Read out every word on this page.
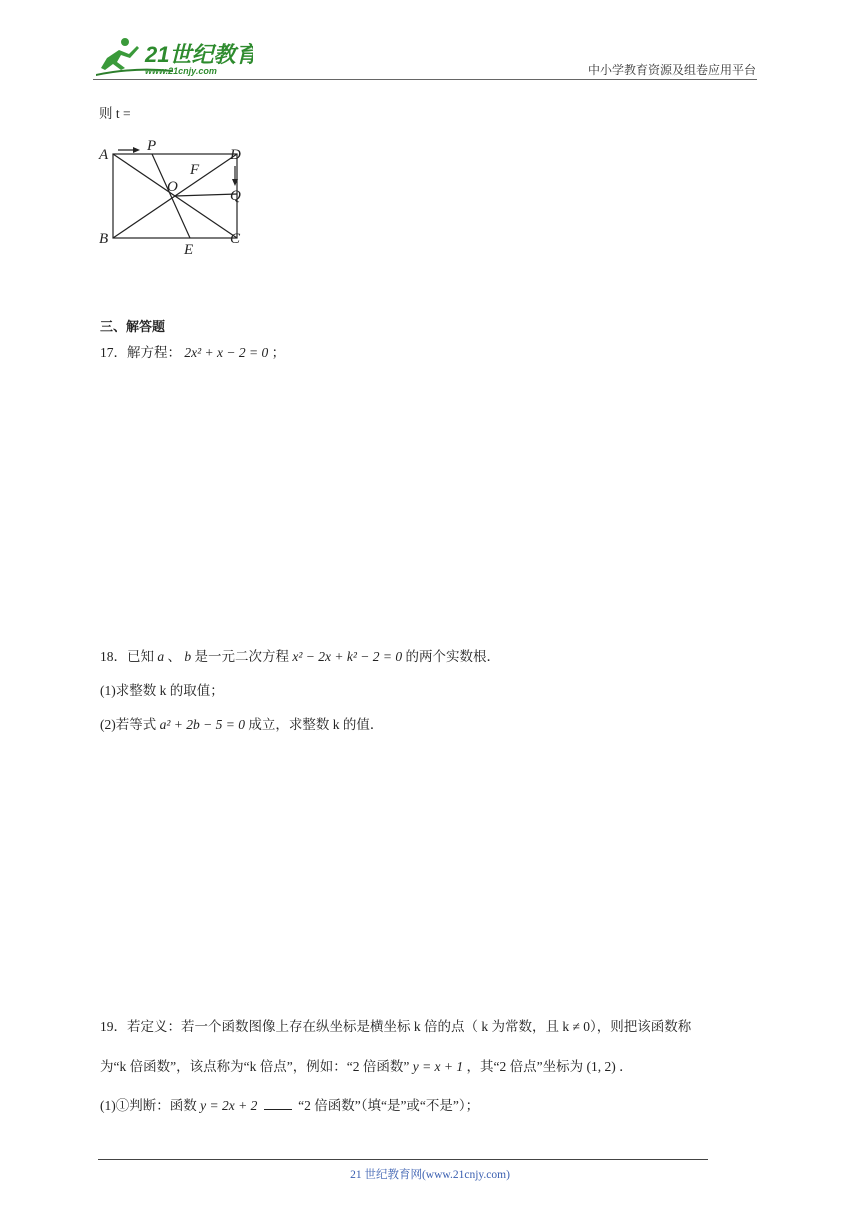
21世纪教育
www.21cnjy.com	中小学教育资源及组卷应用平台
则 t =
A
P
D
F
O
Q
B	C
E
三、解答题
17．解方程： 2x² + x − 2 = 0 ；
18．已知 a 、 b 是一元二次方程 x² − 2x + k² − 2 = 0 的两个实数根．
(1)求整数 k 的取值；
(2)若等式 a² + 2b − 5 = 0 成立，求整数 k 的值．
19．若定义：若一个函数图像上存在纵坐标是横坐标 k 倍的点（ k 为常数，且 k ≠ 0），则把该函数称
为“k 倍函数”，该点称为“k 倍点”，例如：“2 倍函数” y = x + 1 ，其“2 倍点”坐标为 (1, 2) ．
(1)①判断：函数 y = 2x + 2	“2 倍函数”（填“是”或“不是”）；
21 世纪教育网(www.21cnjy.com)
